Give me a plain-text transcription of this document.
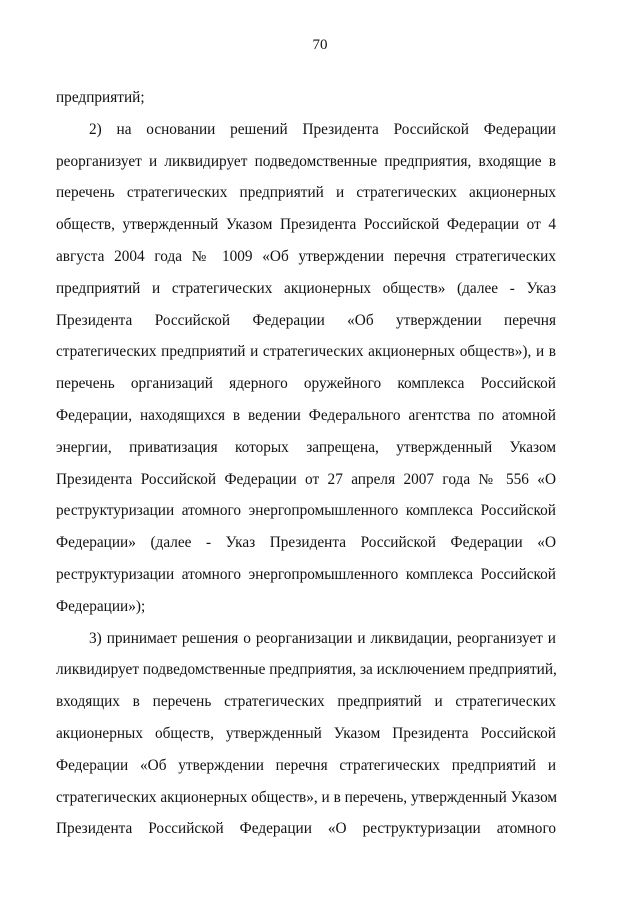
70
предприятий;
2) на основании решений Президента Российской Федерации
реорганизует и ликвидирует подведомственные предприятия, входящие в
перечень стратегических предприятий и стратегических акционерных
обществ, утвержденный Указом Президента Российской Федерации от 4
августа 2004 года № 1009 «Об утверждении перечня стратегических
предприятий и стратегических акционерных обществ» (далее - Указ
Президента Российской Федерации «Об утверждении перечня
стратегических предприятий и стратегических акционерных обществ»), и в
перечень организаций ядерного оружейного комплекса Российской
Федерации, находящихся в ведении Федерального агентства по атомной
энергии, приватизация которых запрещена, утвержденный Указом
Президента Российской Федерации от 27 апреля 2007 года № 556 «О
реструктуризации атомного энергопромышленного комплекса Российской
Федерации» (далее - Указ Президента Российской Федерации «О
реструктуризации атомного энергопромышленного комплекса Российской
Федерации»);
3) принимает решения о реорганизации и ликвидации, реорганизует и
ликвидирует подведомственные предприятия, за исключением предприятий,
входящих в перечень стратегических предприятий и стратегических
акционерных обществ, утвержденный Указом Президента Российской
Федерации «Об утверждении перечня стратегических предприятий и
стратегических акционерных обществ», и в перечень, утвержденный Указом
Президента Российской Федерации «О реструктуризации атомного
